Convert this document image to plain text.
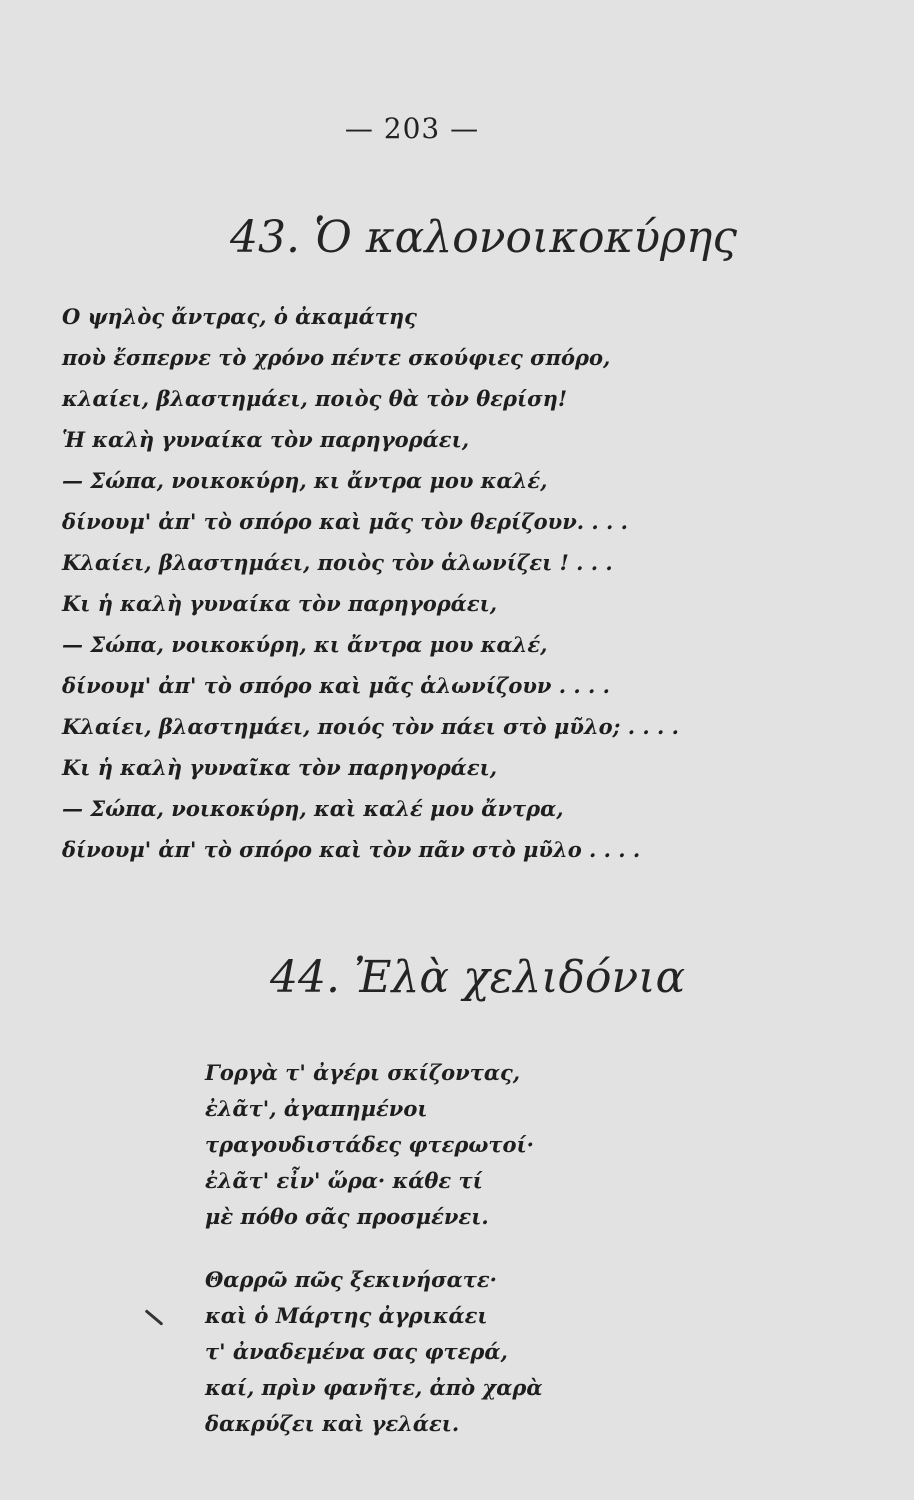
— 203 —
43. Ὁ καλονοικοκύρης
Ο ψηλὸς ἄντρας, ὁ ἀκαμάτης
ποὺ ἔσπερνε τὸ χρόνο πέντε σκούφιες σπόρο,
κλαίει, βλαστημάει, ποιὸς θὰ τὸν θερίση!
Ἡ καλὴ γυναίκα τὸν παρηγοράει,
— Σώπα, νοικοκύρη, κι ἄντρα μου καλέ,
δίνουμ' ἀπ' τὸ σπόρο καὶ μᾶς τὸν θερίζουν. . . .
Κλαίει, βλαστημάει, ποιὸς τὸν ἁλωνίζει ! . . .
Κι ἡ καλὴ γυναίκα τὸν παρηγοράει,
— Σώπα, νοικοκύρη, κι ἄντρα μου καλέ,
δίνουμ' ἀπ' τὸ σπόρο καὶ μᾶς ἁλωνίζουν . . . .
Κλαίει, βλαστημάει, ποιός τὸν πάει στὸ μῦλο; . . . .
Κι ἡ καλὴ γυναῖκα τὸν παρηγοράει,
— Σώπα, νοικοκύρη, καὶ καλέ μου ἄντρα,
δίνουμ' ἀπ' τὸ σπόρο καὶ τὸν πᾶν στὸ μῦλο . . . .
44. Ἐλὰ χελιδόνια
Γοργὰ τ' ἀγέρι σκίζοντας,
ἐλᾶτ', ἀγαπημένοι
τραγουδιστάδες φτερωτοί·
ἐλᾶτ' εἶν' ὥρα· κάθε τί
μὲ πόθο σᾶς προσμένει.
Θαρρῶ πῶς ξεκινήσατε·
καὶ ὁ Μάρτης ἀγρικάει
τ' ἀναδεμένα σας φτερά,
καί, πρὶν φανῆτε, ἀπὸ χαρὰ
δακρύζει καὶ γελάει.
